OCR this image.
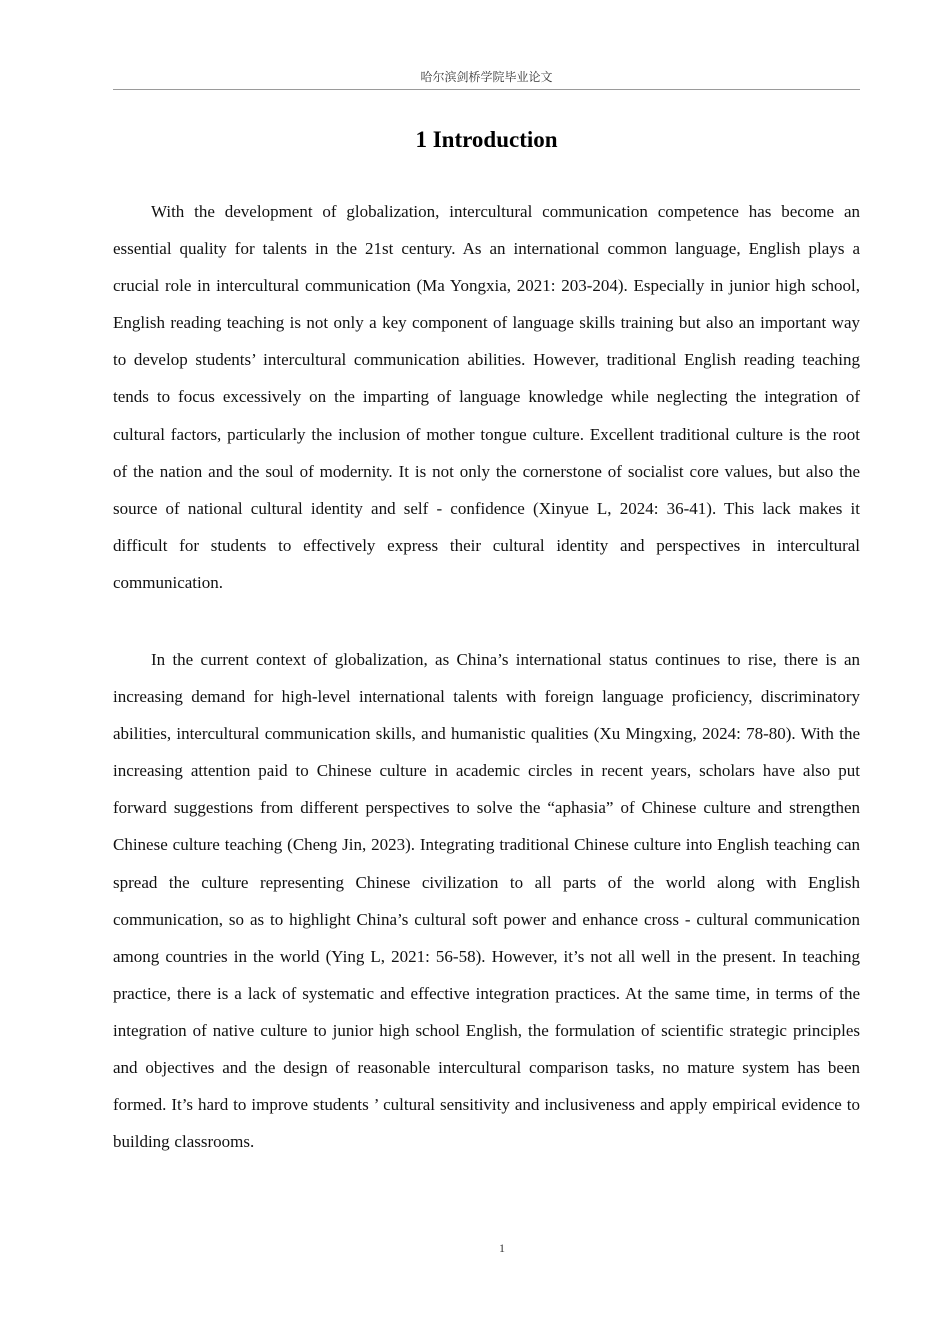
哈尔滨剑桥学院毕业论文
1 Introduction

With the development of globalization, intercultural communication competence has become an essential quality for talents in the 21st century. As an international common language, English plays a crucial role in intercultural communication (Ma Yongxia, 2021: 203-204). Especially in junior high school, English reading teaching is not only a key component of language skills training but also an important way to develop students’ intercultural communication abilities. However, traditional English reading teaching tends to focus excessively on the imparting of language knowledge while neglecting the integration of cultural factors, particularly the inclusion of mother tongue culture. Excellent traditional culture is the root of the nation and the soul of modernity. It is not only the cornerstone of socialist core values, but also the source of national cultural identity and self - confidence (Xinyue L, 2024: 36-41). This lack makes it difficult for students to effectively express their cultural identity and perspectives in intercultural communication.

In the current context of globalization, as China’s international status continues to rise, there is an increasing demand for high-level international talents with foreign language proficiency, discriminatory abilities, intercultural communication skills, and humanistic qualities (Xu Mingxing, 2024: 78-80). With the increasing attention paid to Chinese culture in academic circles in recent years, scholars have also put forward suggestions from different perspectives to solve the “aphasia” of Chinese culture and strengthen Chinese culture teaching (Cheng Jin, 2023). Integrating traditional Chinese culture into English teaching can spread the culture representing Chinese civilization to all parts of the world along with English communication, so as to highlight China’s cultural soft power and enhance cross - cultural communication among countries in the world (Ying L, 2021: 56-58). However, it’s not all well in the present. In teaching practice, there is a lack of systematic and effective integration practices. At the same time, in terms of the integration of native culture to junior high school English, the formulation of scientific strategic principles and objectives and the design of reasonable intercultural comparison tasks, no mature system has been formed. It’s hard to improve students ’ cultural sensitivity and inclusiveness and apply empirical evidence to building classrooms.

1
